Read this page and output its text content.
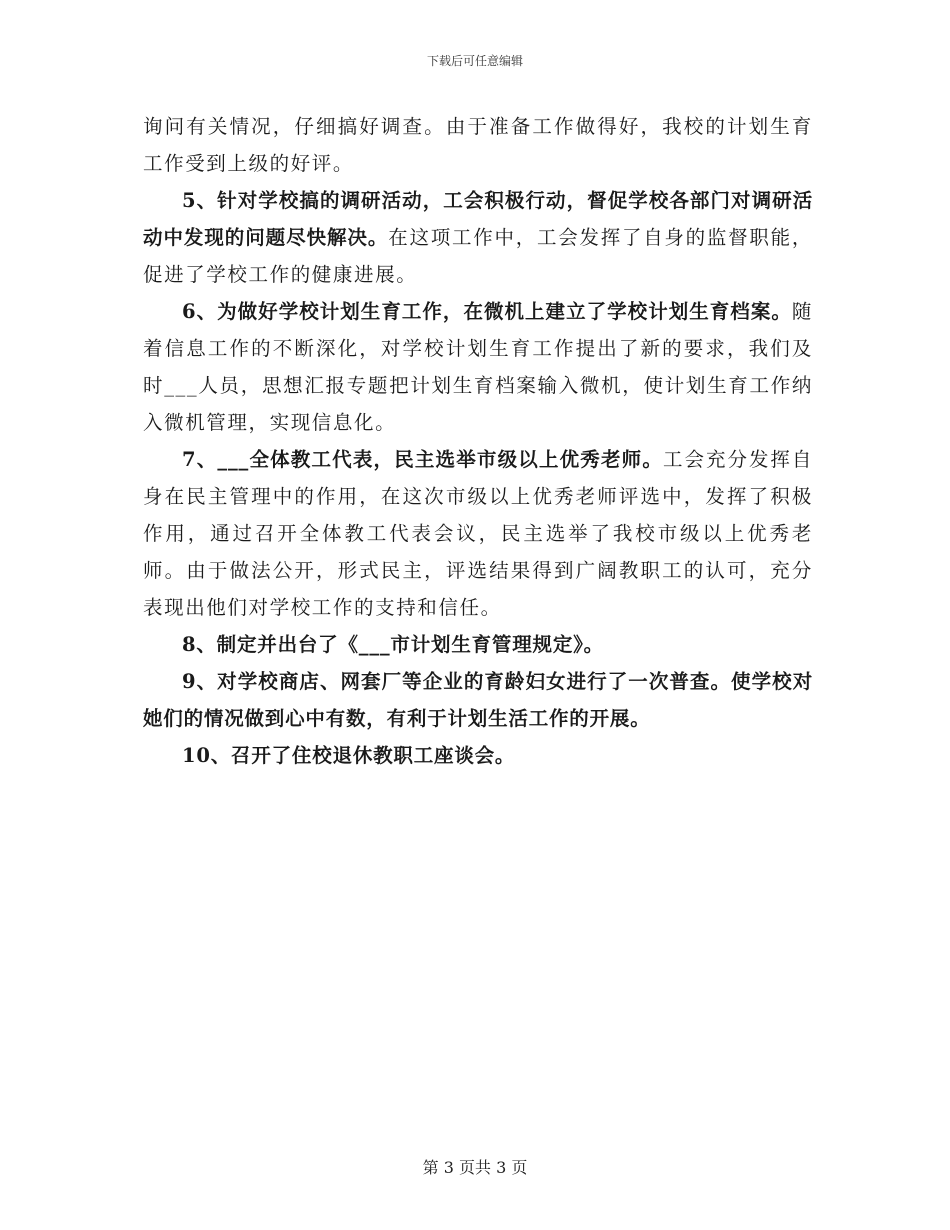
下载后可任意编辑

询问有关情况，仔细搞好调查。由于准备工作做得好，我校的计划生育工作受到上级的好评。

5、针对学校搞的调研活动，工会积极行动，督促学校各部门对调研活动中发现的问题尽快解决。在这项工作中，工会发挥了自身的监督职能，促进了学校工作的健康进展。

6、为做好学校计划生育工作，在微机上建立了学校计划生育档案。随着信息工作的不断深化，对学校计划生育工作提出了新的要求，我们及时___人员，思想汇报专题把计划生育档案输入微机，使计划生育工作纳入微机管理，实现信息化。

7、___全体教工代表，民主选举市级以上优秀老师。工会充分发挥自身在民主管理中的作用，在这次市级以上优秀老师评选中，发挥了积极作用，通过召开全体教工代表会议，民主选举了我校市级以上优秀老师。由于做法公开，形式民主，评选结果得到广阔教职工的认可，充分表现出他们对学校工作的支持和信任。

8、制定并出台了《___市计划生育管理规定》。

9、对学校商店、网套厂等企业的育龄妇女进行了一次普查。使学校对她们的情况做到心中有数，有利于计划生活工作的开展。

10、召开了住校退休教职工座谈会。

第 3 页共 3 页
